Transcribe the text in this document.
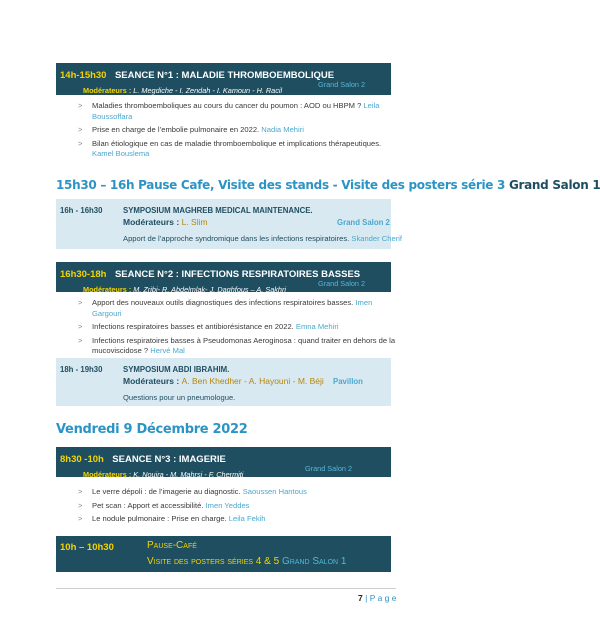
14h-15h30 SEANCE N°1 : MALADIE THROMBOEMBOLIQUE
Modérateurs : L. Megdiche - I. Zendah - I. Kamoun - H. Racil
Grand Salon 2
> Maladies thromboemboliques au cours du cancer du poumon : AOD ou HBPM ? Leila Boussoffara
> Prise en charge de l’embolie pulmonaire en 2022. Nadia Mehiri
> Bilan étiologique en cas de maladie thromboembolique et implications thérapeutiques. Kamel Bouslema
15h30 – 16h Pause Cafe, Visite des stands - Visite des posters série 3 Grand Salon 1
16h - 16h30	SYMPOSIUM MAGHREB MEDICAL MAINTENANCE.
Modérateurs : L. Slim	Grand Salon 2
Apport de l’approche syndromique dans les infections respiratoires. Skander Cherif
16h30-18h SEANCE N°2 : INFECTIONS RESPIRATOIRES BASSES
Modérateurs : M. Zribi- R. Abdelmlak- J. Daghfous – A. Sakhri
Grand Salon 2
> Apport des nouveaux outils diagnostiques des infections respiratoires basses. Imen Gargouri
> Infections respiratoires basses et antibiorésistance en 2022. Emna Mehiri
> Infections respiratoires basses à Pseudomonas Aeroginosa : quand traiter en dehors de la mucoviscidose ? Hervé Mal
18h - 19h30	SYMPOSIUM ABDI IBRAHIM.
Modérateurs : A. Ben Khedher - A. Hayouni - M. Béji Pavillon
Questions pour un pneumologue.
Vendredi 9 Décembre 2022
8h30 -10h SEANCE N°3 : IMAGERIE
Modérateurs : K. Nouira - M. Mahrsi - F. Chermiti
Grand Salon 2
> Le verre dépoli : de l’imagerie au diagnostic. Saoussen Hantous
> Pet scan : Apport et accessibilité. Imen Yeddes
> Le nodule pulmonaire : Prise en charge. Leila Fekih
10h – 10h30	Pause-Café
Visite des posters séries 4 & 5 Grand Salon 1
7 | P a g e
